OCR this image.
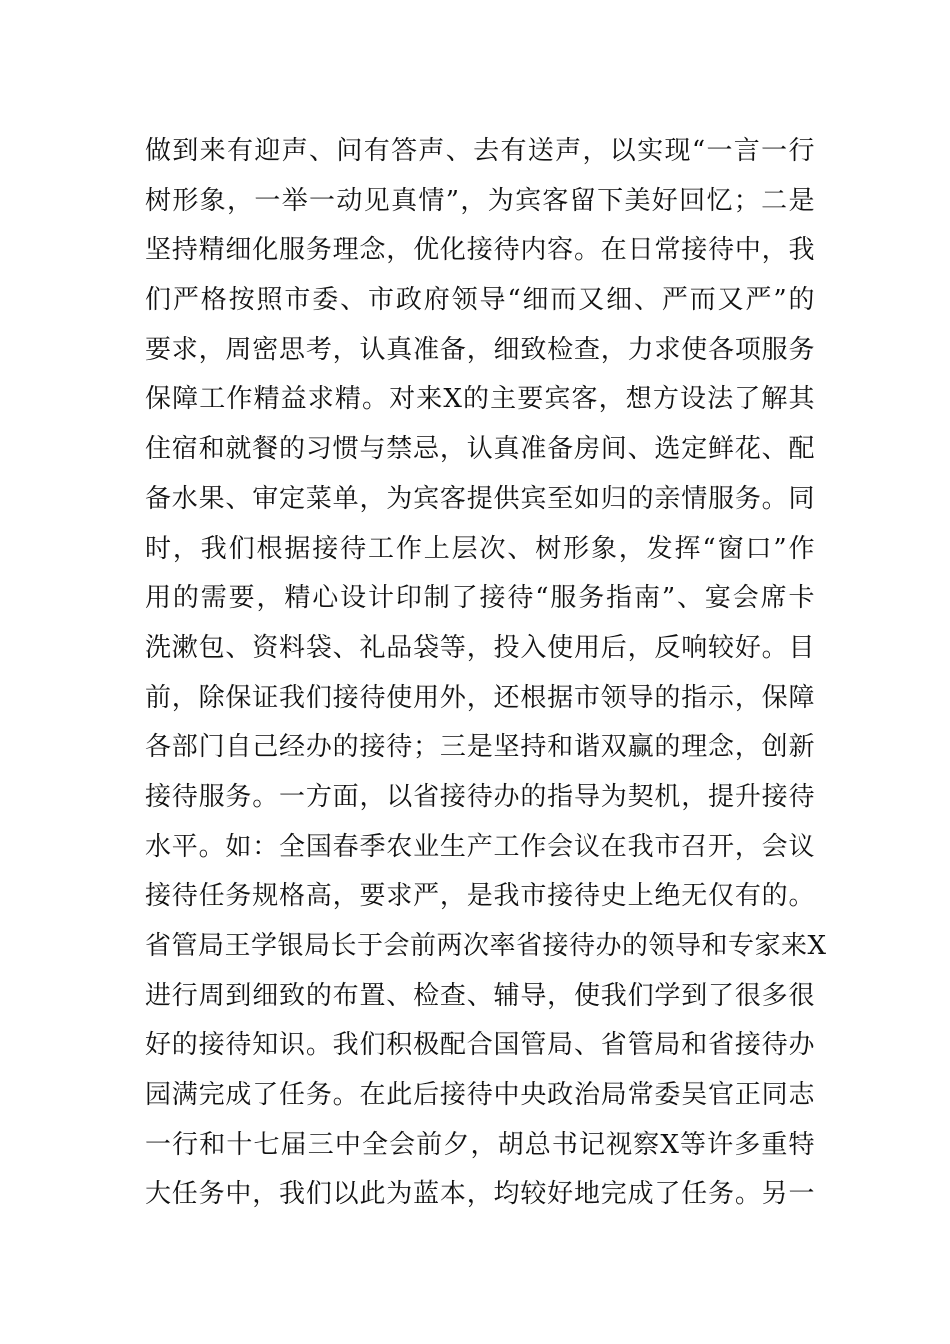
做到来有迎声、问有答声、去有送声，以实现“一言一行
树形象，一举一动见真情”，为宾客留下美好回忆；二是
坚持精细化服务理念，优化接待内容。在日常接待中，我
们严格按照市委、市政府领导“细而又细、严而又严”的
要求，周密思考，认真准备，细致检查，力求使各项服务
保障工作精益求精。对来X的主要宾客，想方设法了解其
住宿和就餐的习惯与禁忌，认真准备房间、选定鲜花、配
备水果、审定菜单，为宾客提供宾至如归的亲情服务。同
时，我们根据接待工作上层次、树形象，发挥“窗口”作
用的需要，精心设计印制了接待“服务指南”、宴会席卡
洗漱包、资料袋、礼品袋等，投入使用后，反响较好。目
前，除保证我们接待使用外，还根据市领导的指示，保障
各部门自己经办的接待；三是坚持和谐双赢的理念，创新
接待服务。一方面，以省接待办的指导为契机，提升接待
水平。如：全国春季农业生产工作会议在我市召开，会议
接待任务规格高，要求严，是我市接待史上绝无仅有的。
省管局王学银局长于会前两次率省接待办的领导和专家来X
进行周到细致的布置、检查、辅导，使我们学到了很多很
好的接待知识。我们积极配合国管局、省管局和省接待办
园满完成了任务。在此后接待中央政治局常委吴官正同志
一行和十七届三中全会前夕，胡总书记视察X等许多重特
大任务中，我们以此为蓝本，均较好地完成了任务。另一
